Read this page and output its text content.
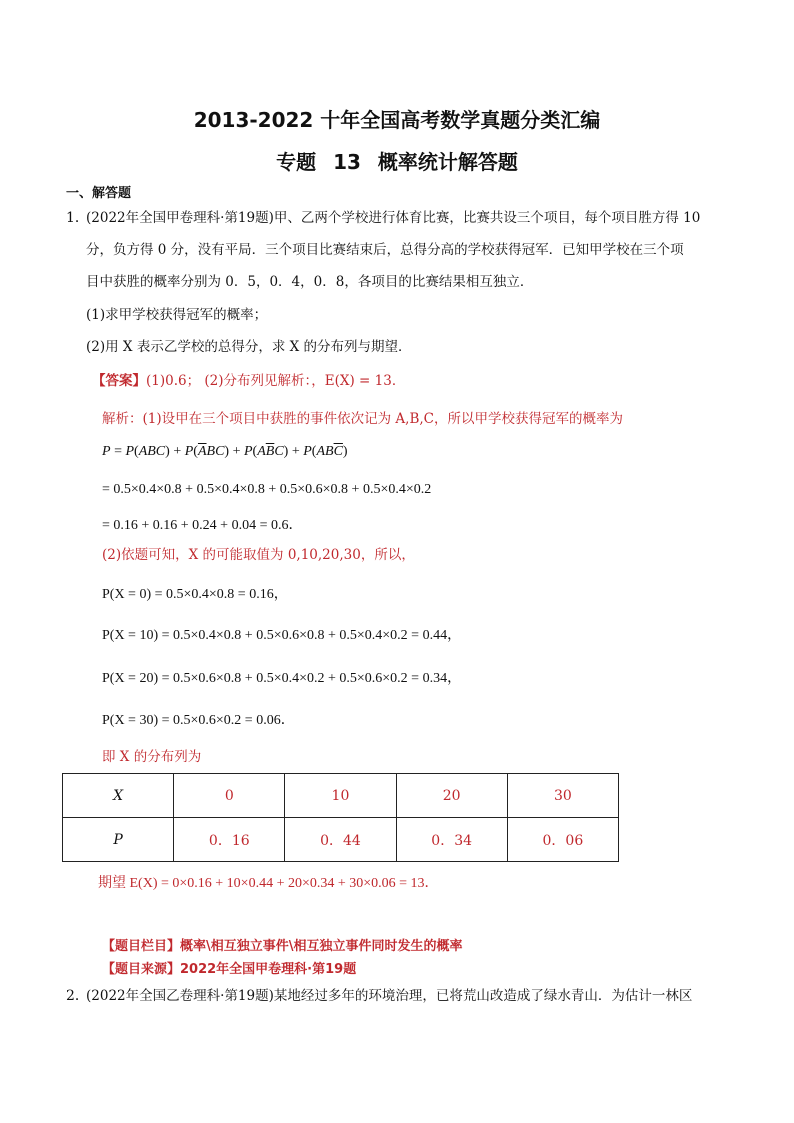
2013-2022 十年全国高考数学真题分类汇编
专题 13 概率统计解答题
一、解答题
1．
(2022年全国甲卷理科·第19题)甲、乙两个学校进行体育比赛，比赛共设三个项目，每个项目胜方得 10
分，负方得 0 分，没有平局．三个项目比赛结束后，总得分高的学校获得冠军．已知甲学校在三个项
目中获胜的概率分别为 0．5，0．4，0．8，各项目的比赛结果相互独立．
(1)求甲学校获得冠军的概率；
(2)用 X 表示乙学校的总得分，求 X 的分布列与期望．
【答案】(1)0.6； (2)分布列见解析：，E(X) = 13．
解析：(1)设甲在三个项目中获胜的事件依次记为 A,B,C，所以甲学校获得冠军的概率为
$P = P(ABC) + P(\overline{A}BC) + P(A\overline{B}C) + P(AB\overline{C})$
= 0.5×0.4×0.8 + 0.5×0.4×0.8 + 0.5×0.6×0.8 + 0.5×0.4×0.2
= 0.16 + 0.16 + 0.24 + 0.04 = 0.6．
(2)依题可知，X 的可能取值为 0,10,20,30，所以，
P(X = 0) = 0.5×0.4×0.8 = 0.16，
P(X = 10) = 0.5×0.4×0.8 + 0.5×0.6×0.8 + 0.5×0.4×0.2 = 0.44，
P(X = 20) = 0.5×0.6×0.8 + 0.5×0.4×0.2 + 0.5×0.6×0.2 = 0.34，
P(X = 30) = 0.5×0.6×0.2 = 0.06．
即 X 的分布列为
X	0	10	20	30
P	0．16	0．44	0．34	0．06
期望 E(X) = 0×0.16 + 10×0.44 + 20×0.34 + 30×0.06 = 13．
【题目栏目】概率\相互独立事件\相互独立事件同时发生的概率
【题目来源】2022年全国甲卷理科·第19题
2．
(2022年全国乙卷理科·第19题)某地经过多年的环境治理，已将荒山改造成了绿水青山．为估计一林区
